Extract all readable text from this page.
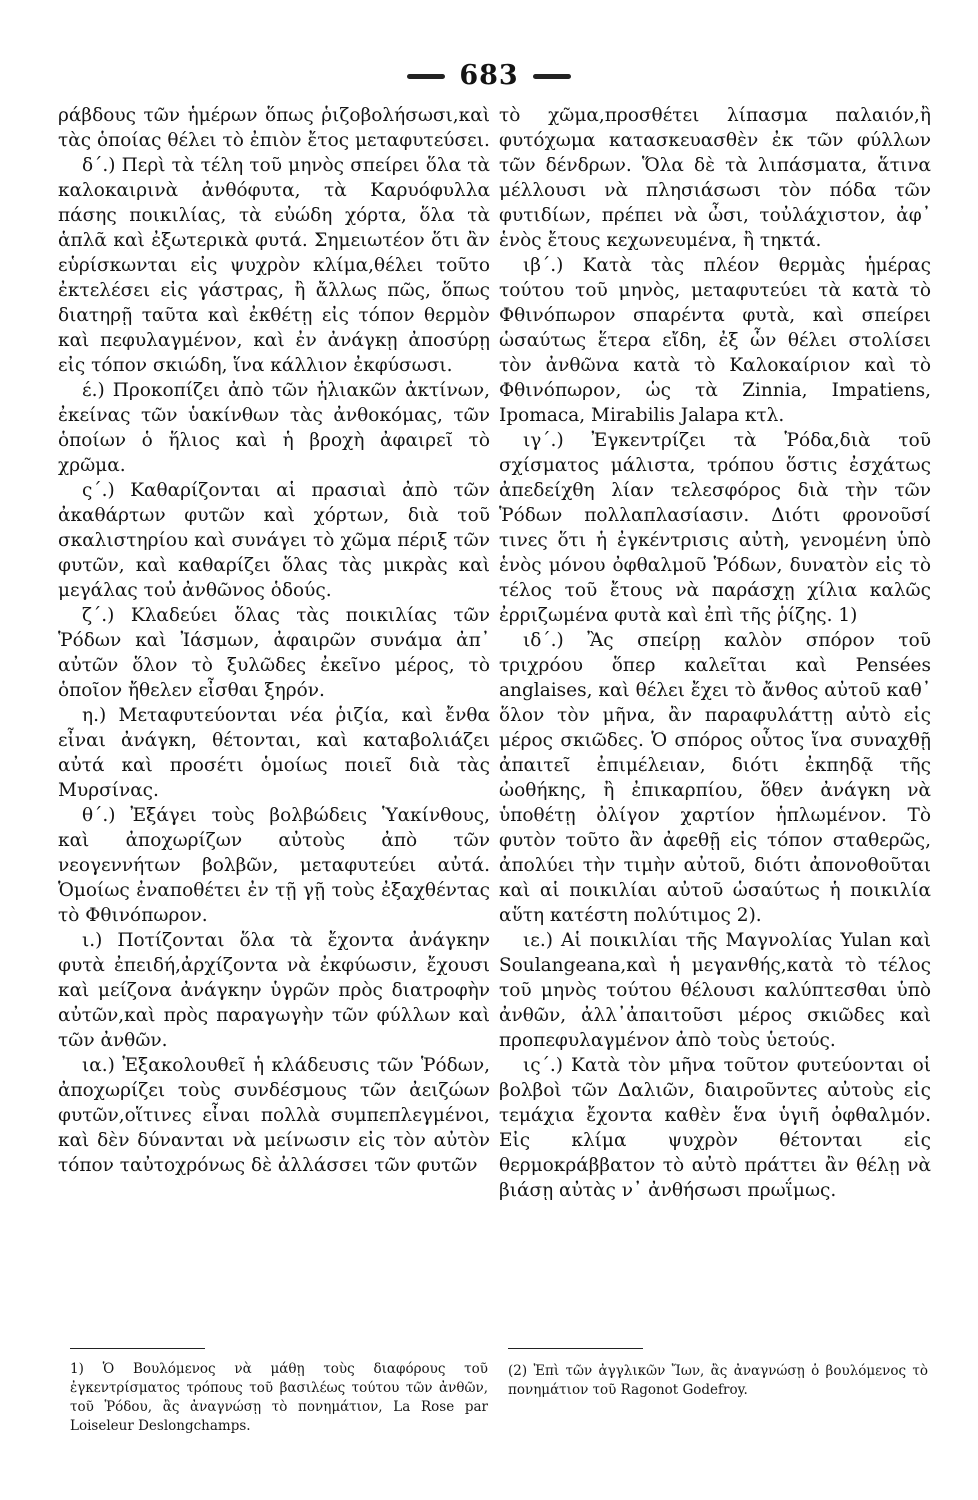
683

ράβδους τῶν ἡμέρων ὅπως ῥιζοβολήσωσι,καὶ τὰς ὁποίας θέλει τὸ ἐπιὸν ἔτος μεταφυτεύσει.

δ΄.) Περὶ τὰ τέλη τοῦ μηνὸς σπείρει ὅλα τὰ καλοκαιρινὰ ἀνθόφυτα, τὰ Καρυόφυλλα πάσης ποικιλίας, τὰ εὐώδη χόρτα, ὅλα τὰ ἁπλᾶ καὶ ἐξωτερικὰ φυτά. Σημειωτέον ὅτι ἂν εὑρίσκωνται εἰς ψυχρὸν κλίμα,θέλει τοῦτο ἐκτελέσει εἰς γάστρας, ἢ ἄλλως πῶς, ὅπως διατηρῇ ταῦτα καὶ ἐκθέτῃ εἰς τόπον θερμὸν καὶ πεφυλαγμένον, καὶ ἐν ἀνάγκῃ ἀποσύρῃ εἰς τόπον σκιώδη, ἵνα κάλλιον ἐκφύσωσι.

έ.) Προκοπίζει ἀπὸ τῶν ἡλιακῶν ἀκτίνων, ἐκείνας τῶν ὑακίνθων τὰς ἀνθοκόμας, τῶν ὁποίων ὁ ἥλιος καὶ ἡ βροχὴ ἀφαιρεῖ τὸ χρῶμα.

ς΄.) Καθαρίζονται αἱ πρασιαὶ ἀπὸ τῶν ἀκαθάρτων φυτῶν καὶ χόρτων, διὰ τοῦ σκαλιστηρίου καὶ συνάγει τὸ χῶμα πέριξ τῶν φυτῶν, καὶ καθαρίζει ὅλας τὰς μικρὰς καὶ μεγάλας τοὐ ἀνθῶνος ὁδούς.

ζ΄.) Κλαδεύει ὅλας τὰς ποικιλίας τῶν Ῥόδων καὶ Ἰάσμων, ἀφαιρῶν συνάμα ἀπ᾽ αὐτῶν ὅλον τὸ ξυλῶδες ἐκεῖνο μέρος, τὸ ὁποῖον ἤθελεν εἶσθαι ξηρόν.

η.) Μεταφυτεύονται νέα ῥιζία, καὶ ἔνθα εἶναι ἀνάγκη, θέτονται, καὶ καταβολιάζει αὐτά καὶ προσέτι ὁμοίως ποιεῖ διὰ τὰς Μυρσίνας.

θ΄.) Ἐξάγει τοὺς βολβώδεις Ὑακίνθους, καὶ ἀποχωρίζων αὐτοὺς ἀπὸ τῶν νεογεννήτων βολβῶν, μεταφυτεύει αὐτά. Ὁμοίως ἐναποθέτει ἐν τῇ γῇ τοὺς ἐξαχθέντας τὸ Φθινόπωρον.

ι.) Ποτίζονται ὅλα τὰ ἔχοντα ἀνάγκην φυτὰ ἐπειδή,ἀρχίζοντα νὰ ἐκφύωσιν, ἔχουσι καὶ μείζονα ἀνάγκην ὑγρῶν πρὸς διατροφὴν αὐτῶν,καὶ πρὸς παραγωγὴν τῶν φύλλων καὶ τῶν ἀνθῶν.

ια.) Ἐξακολουθεῖ ἡ κλάδευσις τῶν Ῥόδων, ἀποχωρίζει τοὺς συνδέσμους τῶν ἀειζώων φυτῶν,οἵτινες εἶναι πολλὰ συμπεπλεγμένοι, καὶ δὲν δύνανται νὰ μείνωσιν εἰς τὸν αὐτὸν τόπον ταὐτοχρόνως δὲ ἀλλάσσει τῶν φυτῶν

τὸ χῶμα,προσθέτει λίπασμα παλαιόν,ἢ φυτόχωμα κατασκευασθὲν ἐκ τῶν φύλλων τῶν δένδρων. Ὅλα δὲ τὰ λιπάσματα, ἅτινα μέλλουσι νὰ πλησιάσωσι τὸν πόδα τῶν φυτιδίων, πρέπει νὰ ὦσι, τοὐλάχιστον, ἀφ᾽ ἑνὸς ἔτους κεχωνευμένα, ἢ τηκτά.

ιβ΄.) Κατὰ τὰς πλέον θερμὰς ἡμέρας τούτου τοῦ μηνὸς, μεταφυτεύει τὰ κατὰ τὸ Φθινόπωρον σπαρέντα φυτὰ, καὶ σπείρει ὡσαύτως ἕτερα εἴδη, ἐξ ὧν θέλει στολίσει τὸν ἀνθῶνα κατὰ τὸ Καλοκαίριον καὶ τὸ Φθινόπωρον, ὡς τὰ Zinnia, Impatiens, Ipomaca, Mirabilis Jalapa κτλ.

ιγ΄.) Ἐγκεντρίζει τὰ Ῥόδα,διὰ τοῦ σχίσματος μάλιστα, τρόπου ὅστις ἐσχάτως ἀπεδείχθη λίαν τελεσφόρος διὰ τὴν τῶν Ῥόδων πολλαπλασίασιν. Διότι φρονοῦσί τινες ὅτι ἡ ἐγκέντρισις αὐτὴ, γενομένη ὑπὸ ἑνὸς μόνου ὀφθαλμοῦ Ῥόδων, δυνατὸν εἰς τὸ τέλος τοῦ ἔτους νὰ παράσχῃ χίλια καλῶς ἐρριζωμένα φυτὰ καὶ ἐπὶ τῆς ῥίζης. 1)

ιδ΄.) Ἂς σπείρῃ καλὸν σπόρον τοῦ τριχρόου ὅπερ καλεῖται καὶ Pensées anglaises, καὶ θέλει ἔχει τὸ ἄνθος αὐτοῦ καθ᾽ ὅλον τὸν μῆνα, ἂν παραφυλάττῃ αὐτὸ εἰς μέρος σκιῶδες. Ὁ σπόρος οὗτος ἵνα συναχθῇ ἀπαιτεῖ ἐπιμέλειαν, διότι ἐκπηδᾷ τῆς ὠοθήκης, ἢ ἐπικαρπίου, ὅθεν ἀνάγκη νὰ ὑποθέτῃ ὀλίγον χαρτίον ἡπλωμένον. Τὸ φυτὸν τοῦτο ἂν ἀφεθῇ εἰς τόπον σταθερῶς, ἀπολύει τὴν τιμὴν αὐτοῦ, διότι ἀπονοθοῦται καὶ αἱ ποικιλίαι αὐτοῦ ὡσαύτως ἡ ποικιλία αὕτη κατέστη πολύτιμος 2).

ιε.) Αἱ ποικιλίαι τῆς Μαγνολίας Yulan καὶ Soulangeana,καὶ ἡ μεγανθής,κατὰ τὸ τέλος τοῦ μηνὸς τούτου θέλουσι καλύπτεσθαι ὑπὸ ἀνθῶν, ἀλλ᾽ἀπαιτοῦσι μέρος σκιῶδες καὶ προπεφυλαγμένον ἀπὸ τοὺς ὑετούς.

ις΄.) Κατὰ τὸν μῆνα τοῦτον φυτεύονται οἱ βολβοὶ τῶν Δαλιῶν, διαιροῦντες αὐτοὺς εἰς τεμάχια ἔχοντα καθὲν ἕνα ὑγιῆ ὀφθαλμόν. Εἰς κλίμα ψυχρὸν θέτονται εἰς θερμοκράββατον τὸ αὐτὸ πράττει ἂν θέλῃ νὰ βιάσῃ αὐτὰς ν᾽ ἀνθήσωσι πρωΐμως.

1) Ὁ Βουλόμενος νὰ μάθῃ τοὺς διαφόρους τοῦ ἐγκεντρίσματος τρόπους τοῦ βασιλέως τούτου τῶν ἀνθῶν, τοῦ Ῥόδου, ἂς ἀναγνώσῃ τὸ πονημάτιον, La Rose par Loiseleur Deslongchamps.
(2) Ἐπὶ τῶν ἀγγλικῶν Ἴων, ἂς ἀναγνώσῃ ὁ βουλόμενος τὸ πονημάτιον τοῦ Ragonot Godefroy.
